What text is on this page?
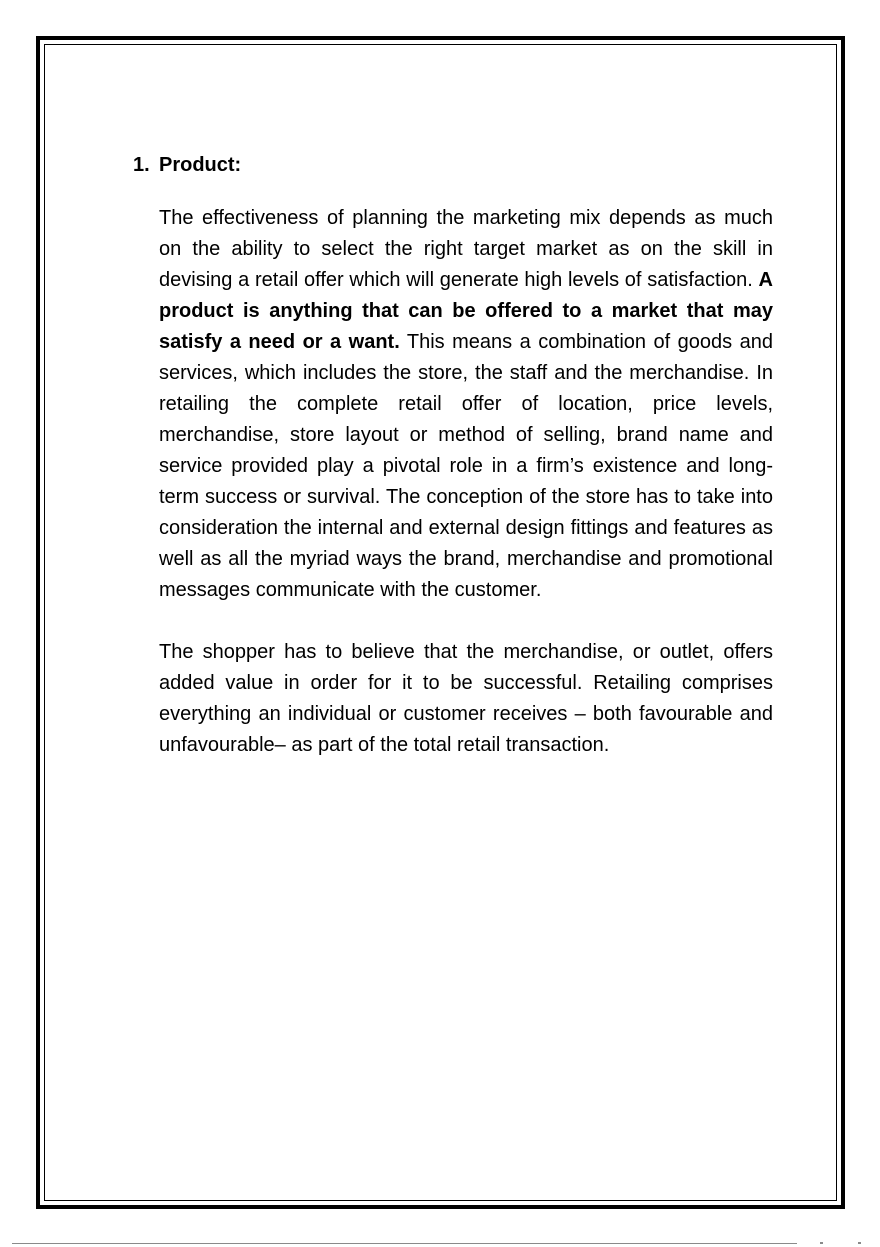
1. Product:

The effectiveness of planning the marketing mix depends as much on the ability to select the right target market as on the skill in devising a retail offer which will generate high levels of satisfaction. A product is anything that can be offered to a market that may satisfy a need or a want. This means a combination of goods and services, which includes the store, the staff and the merchandise. In retailing the complete retail offer of location, price levels, merchandise, store layout or method of selling, brand name and service provided play a pivotal role in a firm’s existence and long-term success or survival. The conception of the store has to take into consideration the internal and external design fittings and features as well as all the myriad ways the brand, merchandise and promotional messages communicate with the customer.

The shopper has to believe that the merchandise, or outlet, offers added value in order for it to be successful. Retailing comprises everything an individual or customer receives – both favourable and unfavourable– as part of the total retail transaction.
